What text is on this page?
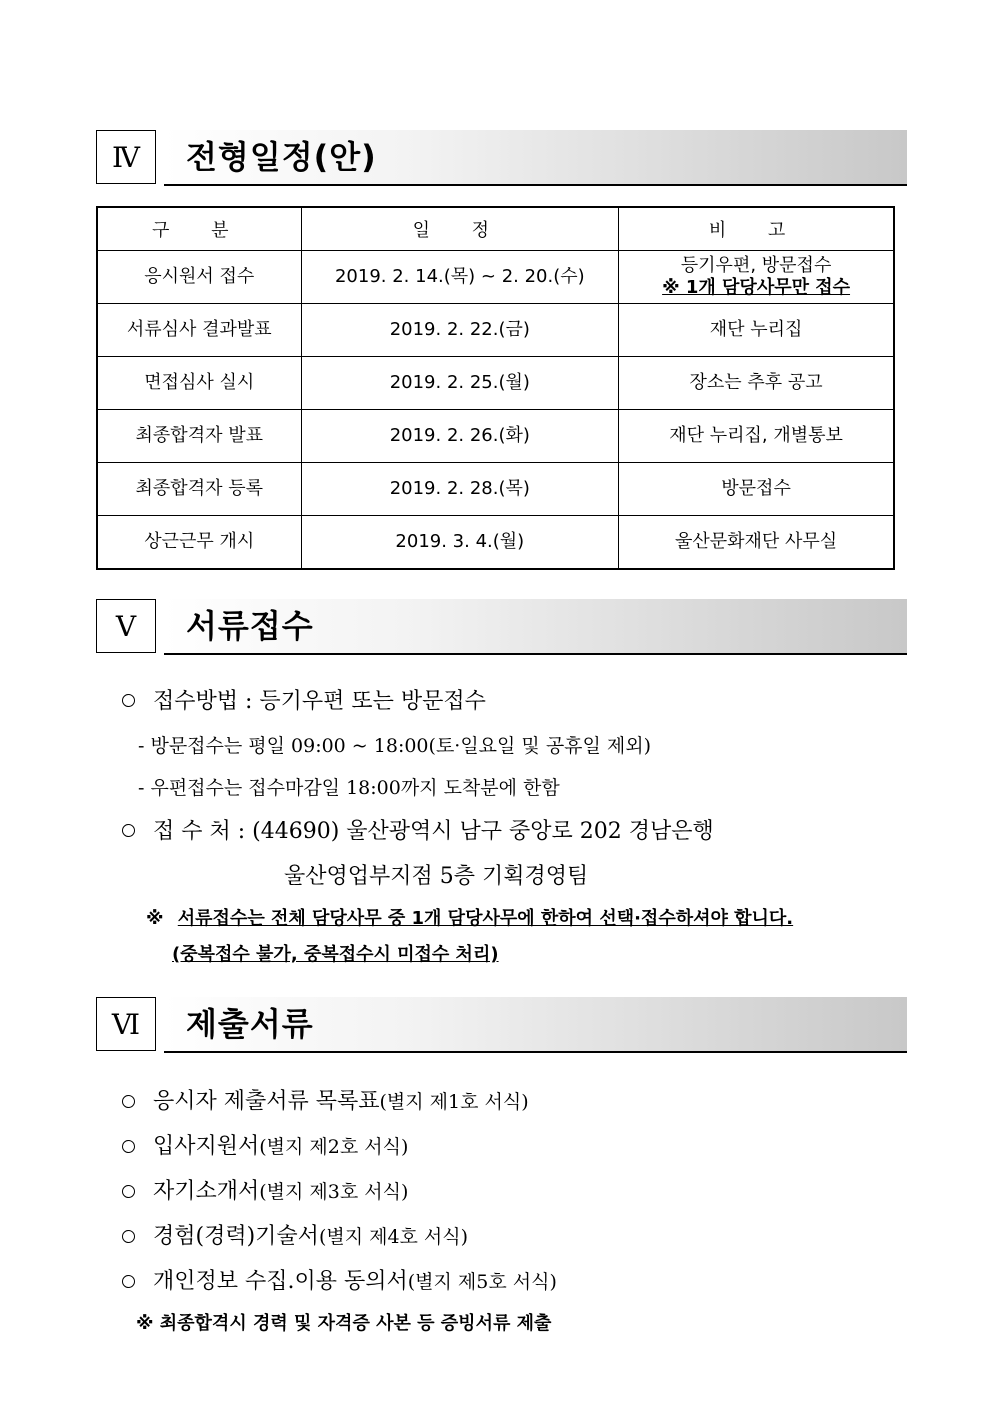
Ⅳ	전형일정(안)
구 분	일 정	비 고
응시원서 접수	2019. 2. 14.(목) ~ 2. 20.(수)	등기우편, 방문접수
※ 1개 담당사무만 접수

서류심사 결과발표	2019. 2. 22.(금)	재단 누리집
면접심사 실시	2019. 2. 25.(월)	장소는 추후 공고
최종합격자 발표	2019. 2. 26.(화)	재단 누리집, 개별통보
최종합격자 등록	2019. 2. 28.(목)	방문접수
상근근무 개시	2019. 3. 4.(월)	울산문화재단 사무실
Ⅴ	서류접수
접수방법 : 등기우편 또는 방문접수
- 방문접수는 평일 09:00 ~ 18:00(토·일요일 및 공휴일 제외)
- 우편접수는 접수마감일 18:00까지 도착분에 한함
접 수 처 : (44690) 울산광역시 남구 중앙로 202 경남은행
울산영업부지점 5층 기획경영팀
※ 서류접수는 전체 담당사무 중 1개 담당사무에 한하여 선택·접수하셔야 합니다.
(중복접수 불가, 중복접수시 미접수 처리)
Ⅵ	제출서류
응시자 제출서류 목록표(별지 제1호 서식)
입사지원서(별지 제2호 서식)
자기소개서(별지 제3호 서식)
경험(경력)기술서(별지 제4호 서식)
개인정보 수집.이용 동의서(별지 제5호 서식)
※ 최종합격시 경력 및 자격증 사본 등 증빙서류 제출
